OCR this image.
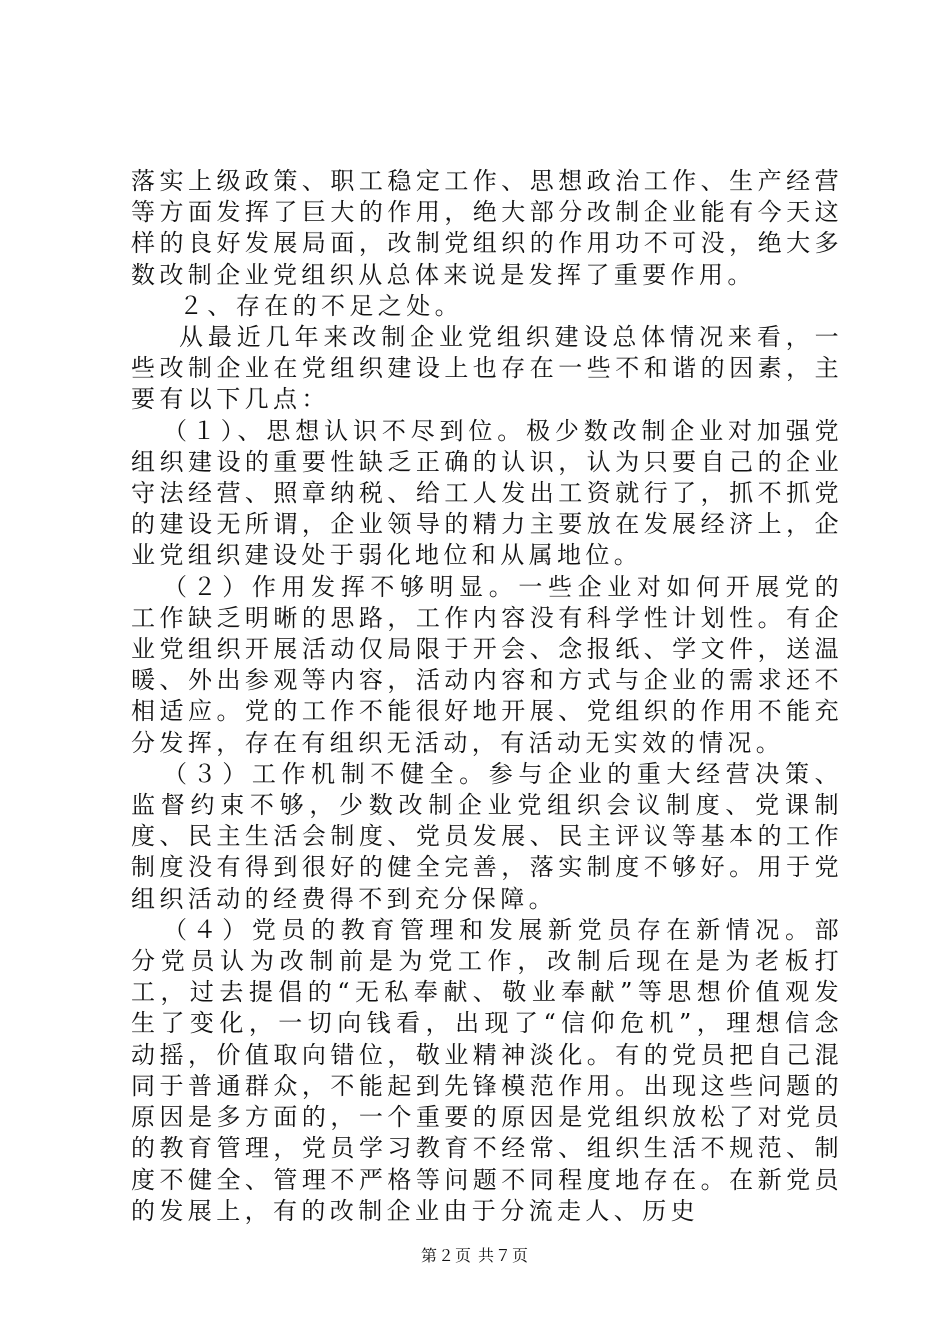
落实上级政策、职工稳定工作、思想政治工作、生产经营等方面发挥了巨大的作用，绝大部分改制企业能有今天这样的良好发展局面，改制党组织的作用功不可没，绝大多数改制企业党组织从总体来说是发挥了重要作用。

２、存在的不足之处。

从最近几年来改制企业党组织建设总体情况来看，一些改制企业在党组织建设上也存在一些不和谐的因素，主要有以下几点：

（１）、思想认识不尽到位。极少数改制企业对加强党组织建设的重要性缺乏正确的认识，认为只要自己的企业守法经营、照章纳税、给工人发出工资就行了，抓不抓党的建设无所谓，企业领导的精力主要放在发展经济上，企业党组织建设处于弱化地位和从属地位。

（２）作用发挥不够明显。一些企业对如何开展党的工作缺乏明晰的思路，工作内容没有科学性计划性。有企业党组织开展活动仅局限于开会、念报纸、学文件，送温暖、外出参观等内容，活动内容和方式与企业的需求还不相适应。党的工作不能很好地开展、党组织的作用不能充分发挥，存在有组织无活动，有活动无实效的情况。

（３）工作机制不健全。参与企业的重大经营决策、监督约束不够，少数改制企业党组织会议制度、党课制度、民主生活会制度、党员发展、民主评议等基本的工作制度没有得到很好的健全完善，落实制度不够好。用于党组织活动的经费得不到充分保障。

（４）党员的教育管理和发展新党员存在新情况。部分党员认为改制前是为党工作，改制后现在是为老板打工，过去提倡的“无私奉献、敬业奉献”等思想价值观发生了变化，一切向钱看，出现了“信仰危机”，理想信念动摇，价值取向错位，敬业精神淡化。有的党员把自己混同于普通群众，不能起到先锋模范作用。出现这些问题的原因是多方面的，一个重要的原因是党组织放松了对党员的教育管理，党员学习教育不经常、组织生活不规范、制度不健全、管理不严格等问题不同程度地存在。在新党员的发展上，有的改制企业由于分流走人、历史

第２页 共７页
